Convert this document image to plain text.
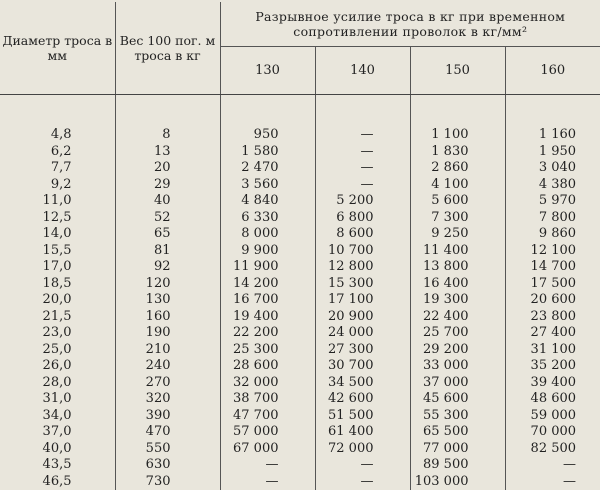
Диаметр троса в мм	Вес 100 пог. м троса в кг	Разрывное усилие троса в кг при временном сопротивлении проволок в кг/мм²			
		130	140	150	160

4,8	8	950	—	1 100	1 160
6,2	13	1 580	—	1 830	1 950
7,7	20	2 470	—	2 860	3 040
9,2	29	3 560	—	4 100	4 380
11,0	40	4 840	5 200	5 600	5 970
12,5	52	6 330	6 800	7 300	7 800
14,0	65	8 000	8 600	9 250	9 860
15,5	81	9 900	10 700	11 400	12 100
17,0	92	11 900	12 800	13 800	14 700
18,5	120	14 200	15 300	16 400	17 500
20,0	130	16 700	17 100	19 300	20 600
21,5	160	19 400	20 900	22 400	23 800
23,0	190	22 200	24 000	25 700	27 400
25,0	210	25 300	27 300	29 200	31 100
26,0	240	28 600	30 700	33 000	35 200
28,0	270	32 000	34 500	37 000	39 400
31,0	320	38 700	42 600	45 600	48 600
34,0	390	47 700	51 500	55 300	59 000
37,0	470	57 000	61 400	65 500	70 000
40,0	550	67 000	72 000	77 000	82 500
43,5	630	—	—	89 500	—
46,5	730	—	—	103 000	—
